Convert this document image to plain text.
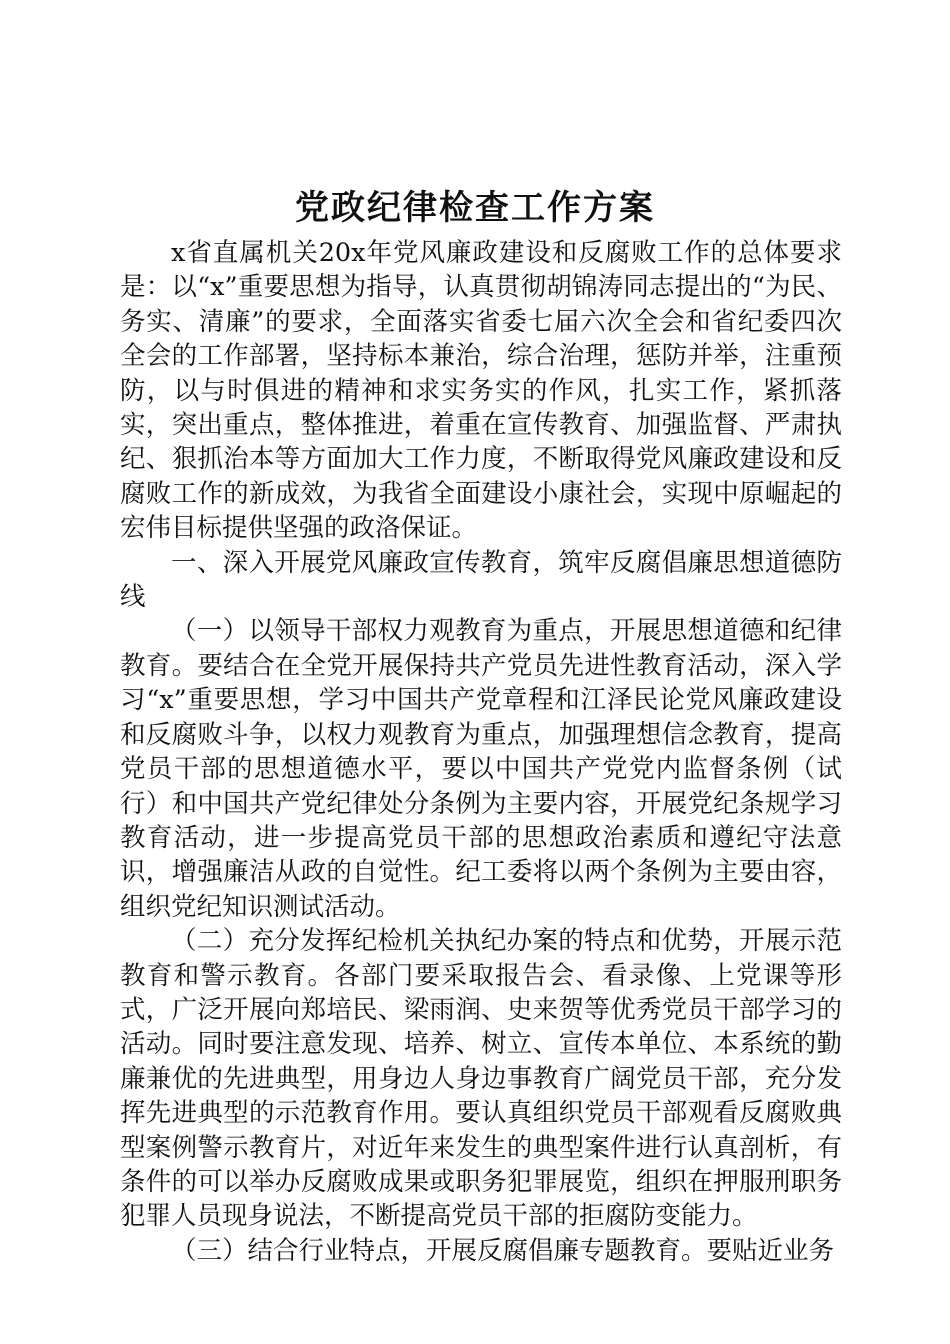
党政纪律检查工作方案

x省直属机关20x年党风廉政建设和反腐败工作的总体要求是：以“x”重要思想为指导，认真贯彻胡锦涛同志提出的“为民、务实、清廉”的要求，全面落实省委七届六次全会和省纪委四次全会的工作部署，坚持标本兼治，综合治理，惩防并举，注重预防，以与时俱进的精神和求实务实的作风，扎实工作，紧抓落实，突出重点，整体推进，着重在宣传教育、加强监督、严肃执纪、狠抓治本等方面加大工作力度，不断取得党风廉政建设和反腐败工作的新成效，为我省全面建设小康社会，实现中原崛起的宏伟目标提供坚强的政洛保证。

一、深入开展党风廉政宣传教育，筑牢反腐倡廉思想道德防线

（一）以领导干部权力观教育为重点，开展思想道德和纪律教育。要结合在全党开展保持共产党员先进性教育活动，深入学习“x”重要思想，学习中国共产党章程和江泽民论党风廉政建设和反腐败斗争，以权力观教育为重点，加强理想信念教育，提高党员干部的思想道德水平，要以中国共产党党内监督条例（试行）和中国共产党纪律处分条例为主要内容，开展党纪条规学习教育活动，进一步提高党员干部的思想政治素质和遵纪守法意识，增强廉洁从政的自觉性。纪工委将以两个条例为主要由容，组织党纪知识测试活动。

（二）充分发挥纪检机关执纪办案的特点和优势，开展示范教育和警示教育。各部门要采取报告会、看录像、上党课等形式，广泛开展向郑培民、梁雨润、史来贺等优秀党员干部学习的活动。同时要注意发现、培养、树立、宣传本单位、本系统的勤廉兼优的先进典型，用身边人身边事教育广阔党员干部，充分发挥先进典型的示范教育作用。要认真组织党员干部观看反腐败典型案例警示教育片，对近年来发生的典型案件进行认真剖析，有条件的可以举办反腐败成果或职务犯罪展览，组织在押服刑职务犯罪人员现身说法，不断提高党员干部的拒腐防变能力。

（三）结合行业特点，开展反腐倡廉专题教育。要贴近业务
